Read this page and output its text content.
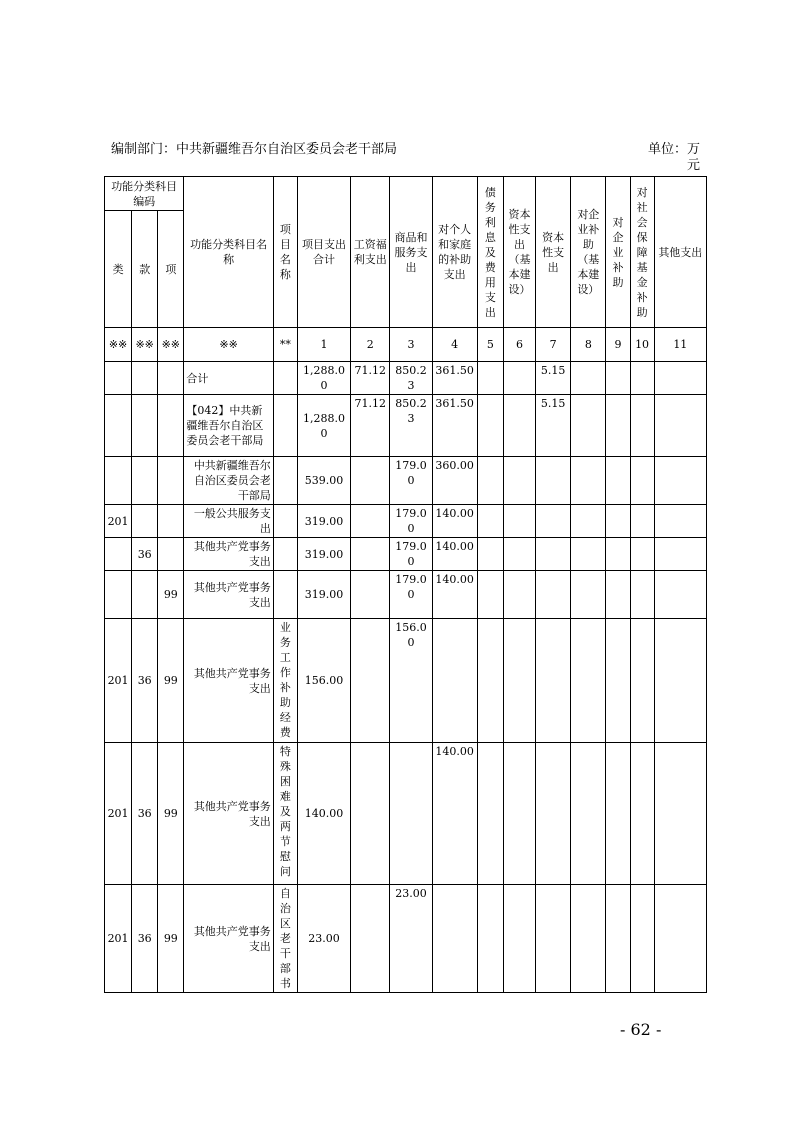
编制部门：中共新疆维吾尔自治区委员会老干部局	单位：万元
功能分类科目编码			功能分类科目名称	项目名称	项目支出合计	工资福利支出	商品和服务支出	对个人和家庭的补助支出	债务利息及费用支出	资本性支出（基本建设）	资本性支出	对企业补助（基本建设）	对企业补助	对社会保障基金补助	其他支出
类	款	项													
※※	※※	※※	※※	**	1	2	3	4	5	6	7	8	9	10	11
			合计		1,288.00	71.12	850.23	361.50			5.15				
			【042】中共新疆维吾尔自治区委员会老干部局		1,288.00	71.12	850.23	361.50			5.15				
			中共新疆维吾尔自治区委员会老干部局		539.00		179.00	360.00							
201			一般公共服务支出		319.00		179.00	140.00							
	36		其他共产党事务支出		319.00		179.00	140.00							
		99	其他共产党事务支出		319.00		179.00	140.00							
201	36	99	其他共产党事务支出	业务工作补助经费	156.00		156.00								
201	36	99	其他共产党事务支出	特殊困难及两节慰问	140.00			140.00							
201	36	99	其他共产党事务支出	自治区老干部书	23.00		23.00								
- 62 -
